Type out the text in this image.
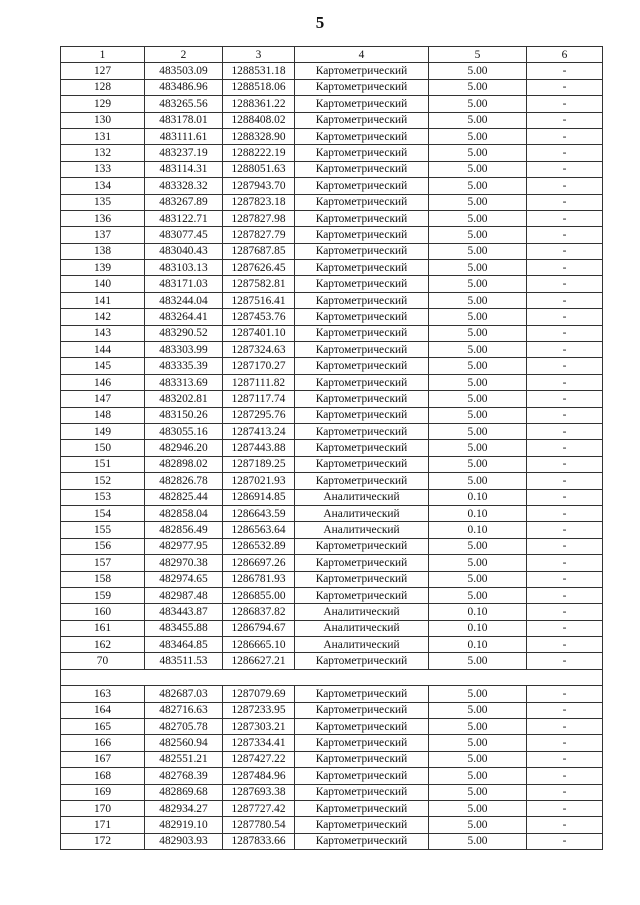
5
1	2	3	4	5	6
127	483503.09	1288531.18	Картометрический	5.00	-
128	483486.96	1288518.06	Картометрический	5.00	-
129	483265.56	1288361.22	Картометрический	5.00	-
130	483178.01	1288408.02	Картометрический	5.00	-
131	483111.61	1288328.90	Картометрический	5.00	-
132	483237.19	1288222.19	Картометрический	5.00	-
133	483114.31	1288051.63	Картометрический	5.00	-
134	483328.32	1287943.70	Картометрический	5.00	-
135	483267.89	1287823.18	Картометрический	5.00	-
136	483122.71	1287827.98	Картометрический	5.00	-
137	483077.45	1287827.79	Картометрический	5.00	-
138	483040.43	1287687.85	Картометрический	5.00	-
139	483103.13	1287626.45	Картометрический	5.00	-
140	483171.03	1287582.81	Картометрический	5.00	-
141	483244.04	1287516.41	Картометрический	5.00	-
142	483264.41	1287453.76	Картометрический	5.00	-
143	483290.52	1287401.10	Картометрический	5.00	-
144	483303.99	1287324.63	Картометрический	5.00	-
145	483335.39	1287170.27	Картометрический	5.00	-
146	483313.69	1287111.82	Картометрический	5.00	-
147	483202.81	1287117.74	Картометрический	5.00	-
148	483150.26	1287295.76	Картометрический	5.00	-
149	483055.16	1287413.24	Картометрический	5.00	-
150	482946.20	1287443.88	Картометрический	5.00	-
151	482898.02	1287189.25	Картометрический	5.00	-
152	482826.78	1287021.93	Картометрический	5.00	-
153	482825.44	1286914.85	Аналитический	0.10	-
154	482858.04	1286643.59	Аналитический	0.10	-
155	482856.49	1286563.64	Аналитический	0.10	-
156	482977.95	1286532.89	Картометрический	5.00	-
157	482970.38	1286697.26	Картометрический	5.00	-
158	482974.65	1286781.93	Картометрический	5.00	-
159	482987.48	1286855.00	Картометрический	5.00	-
160	483443.87	1286837.82	Аналитический	0.10	-
161	483455.88	1286794.67	Аналитический	0.10	-
162	483464.85	1286665.10	Аналитический	0.10	-
70	483511.53	1286627.21	Картометрический	5.00	-

163	482687.03	1287079.69	Картометрический	5.00	-
164	482716.63	1287233.95	Картометрический	5.00	-
165	482705.78	1287303.21	Картометрический	5.00	-
166	482560.94	1287334.41	Картометрический	5.00	-
167	482551.21	1287427.22	Картометрический	5.00	-
168	482768.39	1287484.96	Картометрический	5.00	-
169	482869.68	1287693.38	Картометрический	5.00	-
170	482934.27	1287727.42	Картометрический	5.00	-
171	482919.10	1287780.54	Картометрический	5.00	-
172	482903.93	1287833.66	Картометрический	5.00	-
